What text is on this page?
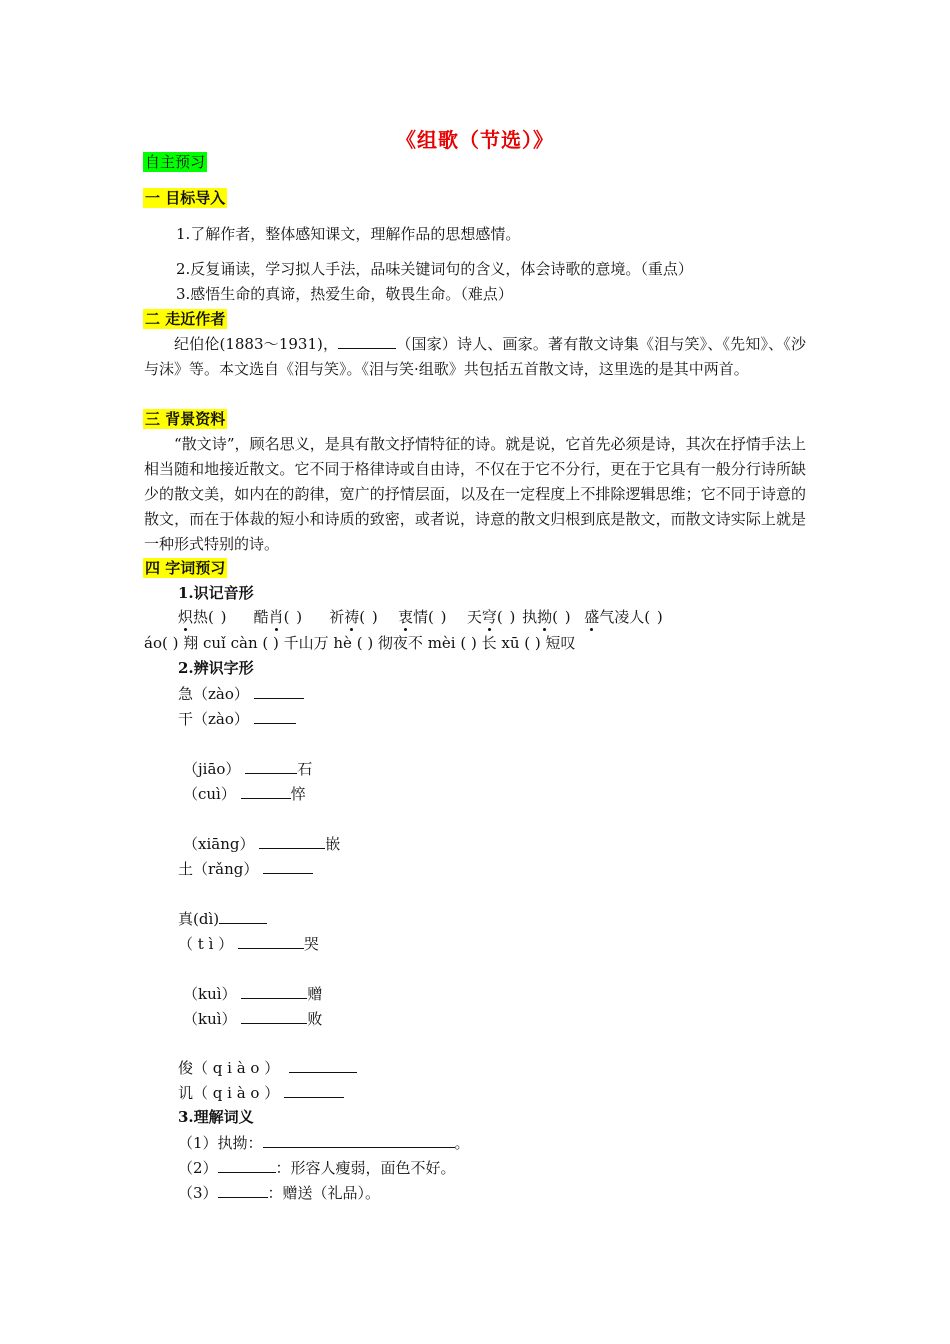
《组歌（节选）》
自主预习
一 目标导入
1.了解作者，整体感知课文，理解作品的思想感情。
2.反复诵读，学习拟人手法，品味关键词句的含义，体会诗歌的意境。（重点）
3.感悟生命的真谛，热爱生命，敬畏生命。（难点）
二 走近作者
纪伯伦(1883～1931)，	（国家）诗人、画家。著有散文诗集《泪与笑》、《先知》、《沙与沫》等。本文选自《泪与笑》。《泪与笑·组歌》共包括五首散文诗，这里选的是其中两首。
三 背景资料
“散文诗”，顾名思义，是具有散文抒情特征的诗。就是说，它首先必须是诗，其次在抒情手法上相当随和地接近散文。它不同于格律诗或自由诗，不仅在于它不分行，更在于它具有一般分行诗所缺少的散文美，如内在的韵律，宽广的抒情层面，以及在一定程度上不排除逻辑思维；它不同于诗意的散文，而在于体裁的短小和诗质的致密，或者说，诗意的散文归根到底是散文，而散文诗实际上就是一种形式特别的诗。
四 字词预习
1.识记音形
炽热( ) 酷肖( ) 祈祷( ) 衷情( ) 天穹( ) 执拗( ) 盛气凌人( )
áo( ) 翔 cuǐ càn ( ) 千山万 hè ( ) 彻夜不 mèi ( ) 长 xū ( ) 短叹
2.辨识字形
急（zào）
干（zào）
（jiāo）	石
（cuì）	悴
（xiāng）	嵌
土（rǎng）
真(dì)
（ t ì ）	哭
（kuì）	赠
（kuì）	败
俊（ q i à o ）
讥（ q i à o ）
3.理解词义
（1）执拗：	。
（2）	：形容人瘦弱，面色不好。
（3）	：赠送（礼品）。
